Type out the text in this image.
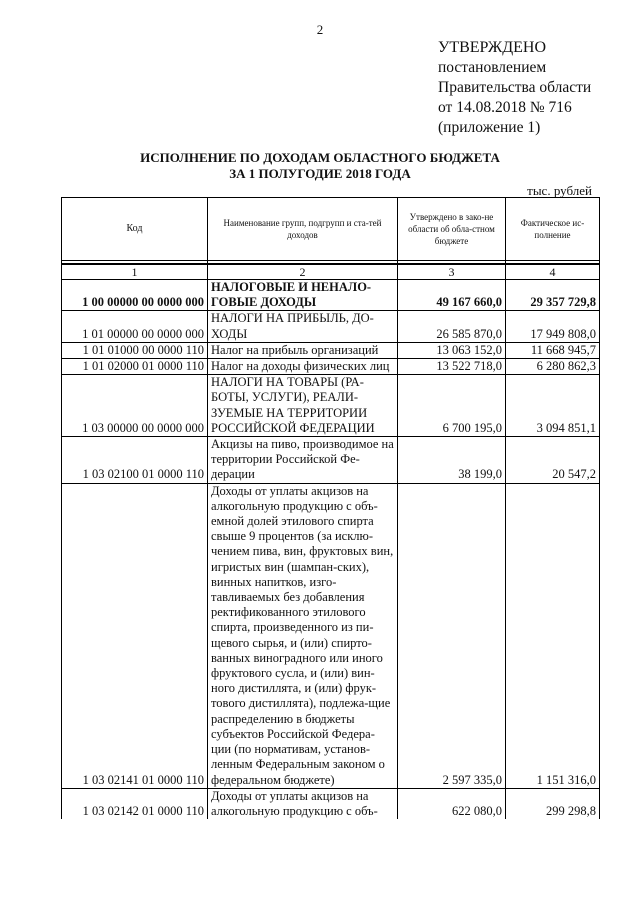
2
УТВЕРЖДЕНО
постановлением
Правительства области
от 14.08.2018 № 716
(приложение 1)
ИСПОЛНЕНИЕ ПО ДОХОДАМ ОБЛАСТНОГО БЮДЖЕТА
ЗА 1 ПОЛУГОДИЕ 2018 ГОДА
тыс. рублей
Код	Наименование групп, подгрупп и ста-тей доходов	Утверждено в зако-не области об обла-стном бюджете	Фактическое ис-полнение

1	2	3	4
1 00 00000 00 0000 000	НАЛОГОВЫЕ И НЕНАЛО-ГОВЫЕ ДОХОДЫ	49 167 660,0	29 357 729,8
1 01 00000 00 0000 000	НАЛОГИ НА ПРИБЫЛЬ, ДО-ХОДЫ	26 585 870,0	17 949 808,0
1 01 01000 00 0000 110	Налог на прибыль организаций	13 063 152,0	11 668 945,7
1 01 02000 01 0000 110	Налог на доходы физических лиц	13 522 718,0	6 280 862,3
1 03 00000 00 0000 000	НАЛОГИ НА ТОВАРЫ (РА-БОТЫ, УСЛУГИ), РЕАЛИ-ЗУЕМЫЕ НА ТЕРРИТОРИИ РОССИЙСКОЙ ФЕДЕРАЦИИ	6 700 195,0	3 094 851,1
1 03 02100 01 0000 110	Акцизы на пиво, производимое на территории Российской Фе-дерации	38 199,0	20 547,2
1 03 02141 01 0000 110	Доходы от уплаты акцизов на алкогольную продукцию с объ-емной долей этилового спирта свыше 9 процентов (за исклю-чением пива, вин, фруктовых вин, игристых вин (шампан-ских), винных напитков, изго-тавливаемых без добавления ректификованного этилового спирта, произведенного из пи-щевого сырья, и (или) спирто-ванных виноградного или иного фруктового сусла, и (или) вин-ного дистиллята, и (или) фрук-тового дистиллята), подлежа-щие распределению в бюджеты субъектов Российской Федера-ции (по нормативам, установ-ленным Федеральным законом о федеральном бюджете)	2 597 335,0	1 151 316,0
1 03 02142 01 0000 110	Доходы от уплаты акцизов на алкогольную продукцию с объ-	622 080,0	299 298,8
